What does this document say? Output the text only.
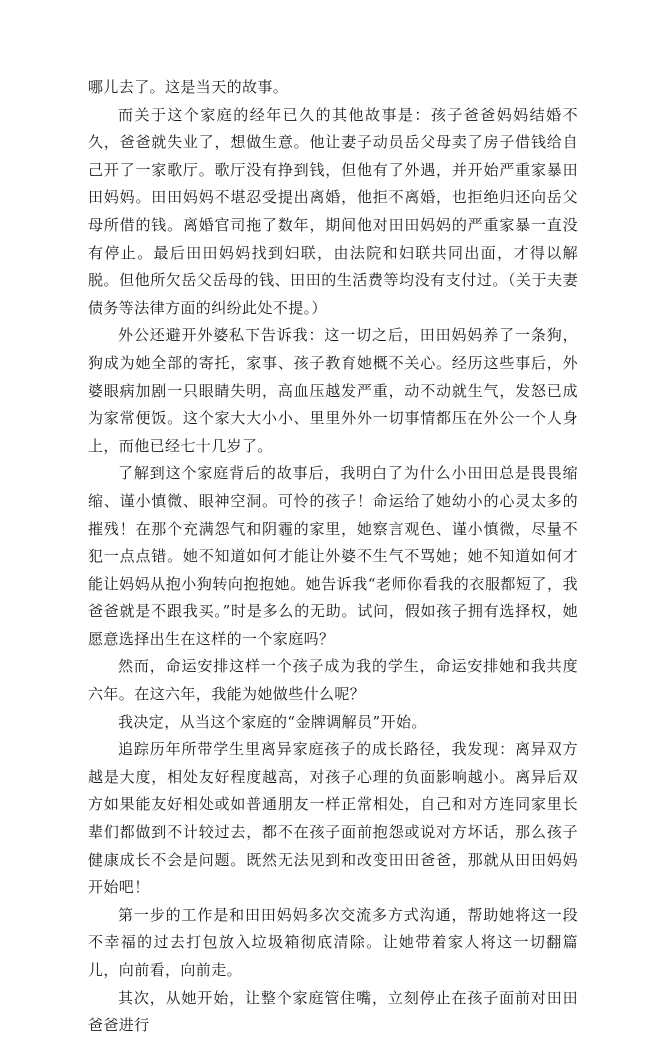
哪儿去了。这是当天的故事。

而关于这个家庭的经年已久的其他故事是：孩子爸爸妈妈结婚不久，爸爸就失业了，想做生意。他让妻子动员岳父母卖了房子借钱给自己开了一家歌厅。歌厅没有挣到钱，但他有了外遇，并开始严重家暴田田妈妈。田田妈妈不堪忍受提出离婚，他拒不离婚，也拒绝归还向岳父母所借的钱。离婚官司拖了数年，期间他对田田妈妈的严重家暴一直没有停止。最后田田妈妈找到妇联，由法院和妇联共同出面，才得以解脱。但他所欠岳父岳母的钱、田田的生活费等均没有支付过。（关于夫妻债务等法律方面的纠纷此处不提。）

外公还避开外婆私下告诉我：这一切之后，田田妈妈养了一条狗，狗成为她全部的寄托，家事、孩子教育她概不关心。经历这些事后，外婆眼病加剧一只眼睛失明，高血压越发严重，动不动就生气，发怒已成为家常便饭。这个家大大小小、里里外外一切事情都压在外公一个人身上，而他已经七十几岁了。

了解到这个家庭背后的故事后，我明白了为什么小田田总是畏畏缩缩、谨小慎微、眼神空洞。可怜的孩子！命运给了她幼小的心灵太多的摧残！在那个充满怨气和阴霾的家里，她察言观色、谨小慎微，尽量不犯一点点错。她不知道如何才能让外婆不生气不骂她；她不知道如何才能让妈妈从抱小狗转向抱抱她。她告诉我“老师你看我的衣服都短了，我爸爸就是不跟我买。”时是多么的无助。试问，假如孩子拥有选择权，她愿意选择出生在这样的一个家庭吗？

然而，命运安排这样一个孩子成为我的学生，命运安排她和我共度六年。在这六年，我能为她做些什么呢？

我决定，从当这个家庭的“金牌调解员”开始。

追踪历年所带学生里离异家庭孩子的成长路径，我发现：离异双方越是大度，相处友好程度越高，对孩子心理的负面影响越小。离异后双方如果能友好相处或如普通朋友一样正常相处，自己和对方连同家里长辈们都做到不计较过去，都不在孩子面前抱怨或说对方坏话，那么孩子健康成长不会是问题。既然无法见到和改变田田爸爸，那就从田田妈妈开始吧！

第一步的工作是和田田妈妈多次交流多方式沟通，帮助她将这一段不幸福的过去打包放入垃圾箱彻底清除。让她带着家人将这一切翻篇儿，向前看，向前走。

其次，从她开始，让整个家庭管住嘴，立刻停止在孩子面前对田田爸爸进行
